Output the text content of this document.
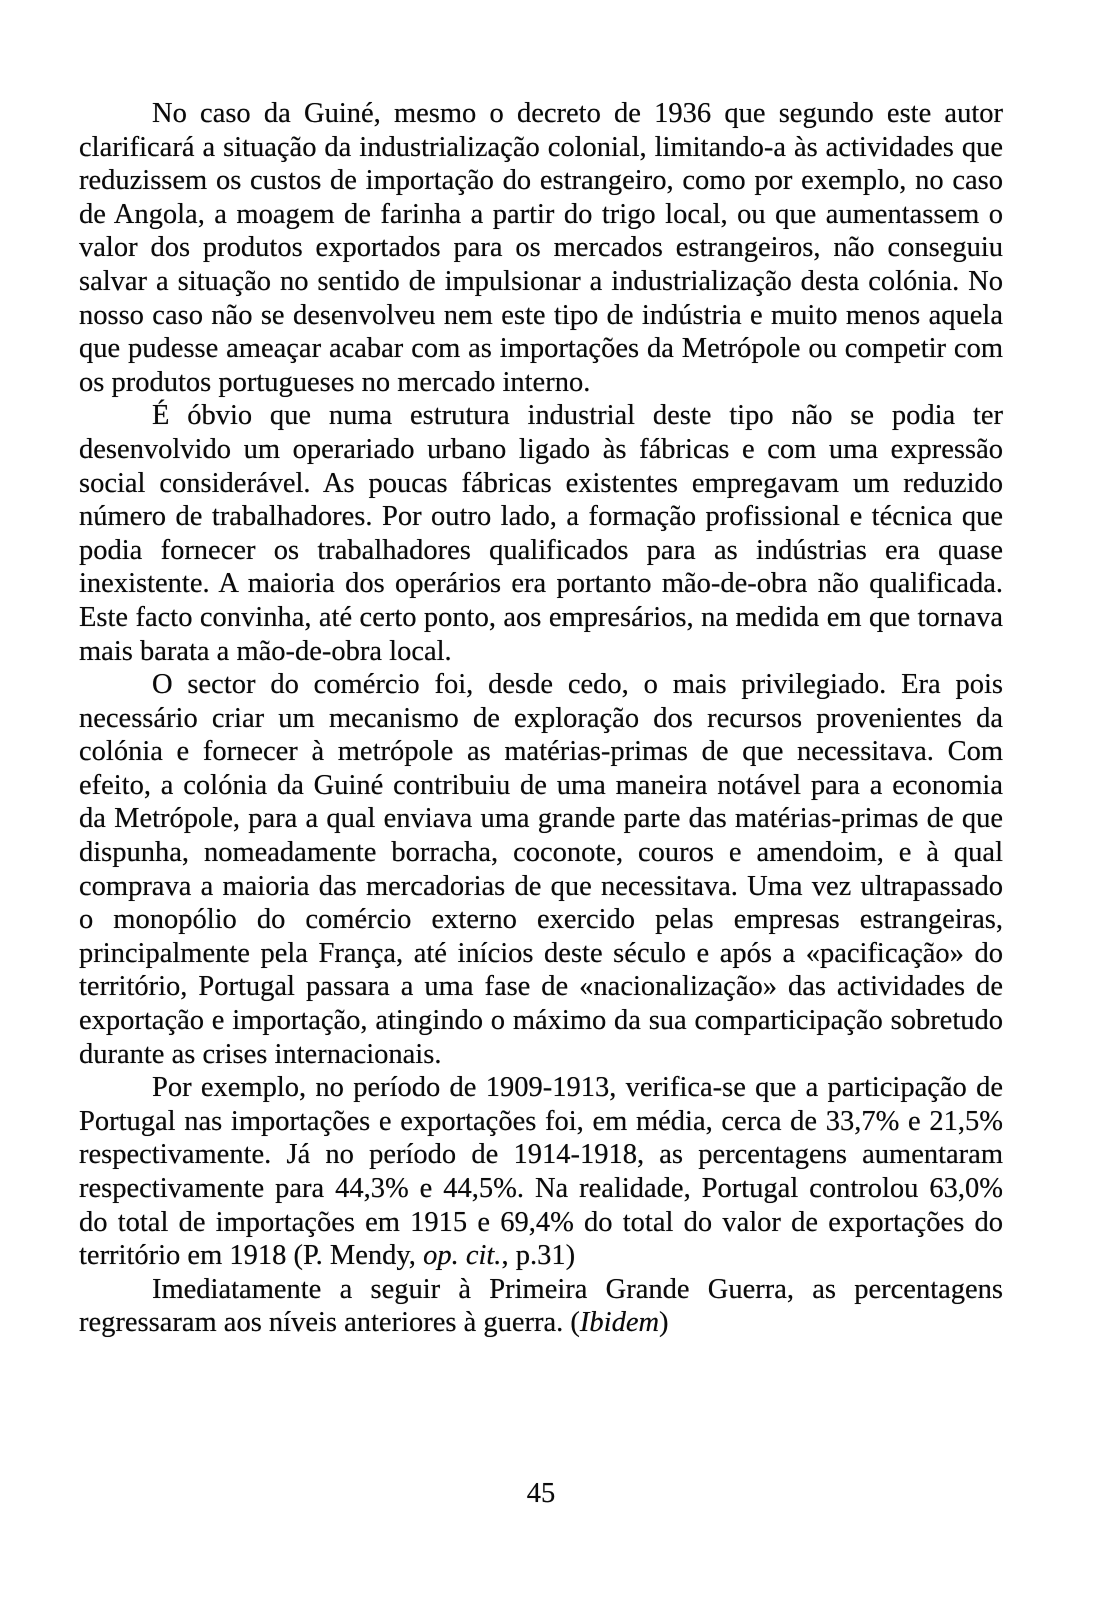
No caso da Guiné, mesmo o decreto de 1936 que segundo este autor clarificará a situação da industrialização colonial, limitando-a às actividades que reduzissem os custos de importação do estrangeiro, como por exemplo, no caso de Angola, a moagem de farinha a partir do trigo local, ou que aumentassem o valor dos produtos exportados para os mercados estrangeiros, não conseguiu salvar a situação no sentido de impulsionar a industrialização desta colónia. No nosso caso não se desenvolveu nem este tipo de indústria e muito menos aquela que pudesse ameaçar acabar com as importações da Metrópole ou competir com os produtos portugueses no mercado interno.

É óbvio que numa estrutura industrial deste tipo não se podia ter desenvolvido um operariado urbano ligado às fábricas e com uma expressão social considerável. As poucas fábricas existentes empregavam um reduzido número de trabalhadores. Por outro lado, a formação profissional e técnica que podia fornecer os trabalhadores qualificados para as indústrias era quase inexistente. A maioria dos operários era portanto mão-de-obra não qualificada. Este facto convinha, até certo ponto, aos empresários, na medida em que tornava mais barata a mão-de-obra local.

O sector do comércio foi, desde cedo, o mais privilegiado. Era pois necessário criar um mecanismo de exploração dos recursos provenientes da colónia e fornecer à metrópole as matérias-primas de que necessitava. Com efeito, a colónia da Guiné contribuiu de uma maneira notável para a economia da Metrópole, para a qual enviava uma grande parte das matérias-primas de que dispunha, nomeadamente borracha, coconote, couros e amendoim, e à qual comprava a maioria das mercadorias de que necessitava. Uma vez ultrapassado o monopólio do comércio externo exercido pelas empresas estrangeiras, principalmente pela França, até inícios deste século e após a «pacificação» do território, Portugal passara a uma fase de «nacionalização» das actividades de exportação e importação, atingindo o máximo da sua comparticipação sobretudo durante as crises internacionais.

Por exemplo, no período de 1909-1913, verifica-se que a participação de Portugal nas importações e exportações foi, em média, cerca de 33,7% e 21,5% respectivamente. Já no período de 1914-1918, as percentagens aumentaram respectivamente para 44,3% e 44,5%. Na realidade, Portugal controlou 63,0% do total de importações em 1915 e 69,4% do total do valor de exportações do território em 1918 (P. Mendy, op. cit., p.31)

Imediatamente a seguir à Primeira Grande Guerra, as percentagens regressaram aos níveis anteriores à guerra. (Ibidem)

45
